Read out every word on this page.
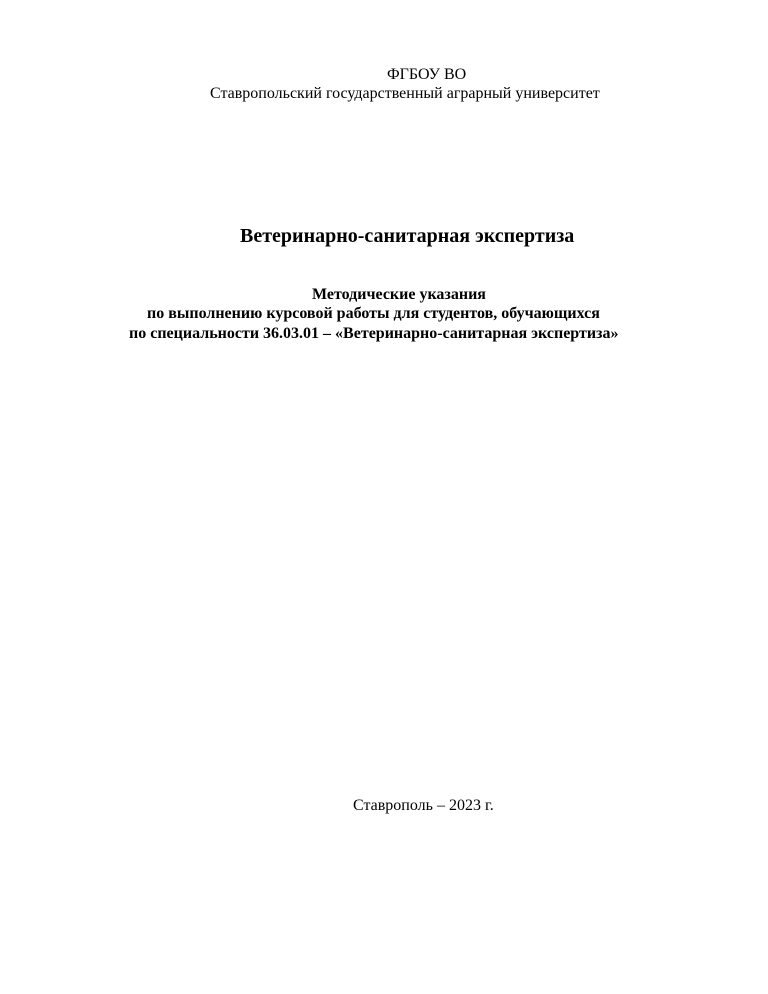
ФГБОУ ВО
Ставропольский государственный аграрный университет
Ветеринарно-санитарная экспертиза
Методические указания
по выполнению курсовой работы для студентов, обучающихся
по специальности 36.03.01 – «Ветеринарно-санитарная экспертиза»
Ставрополь – 2023 г.
